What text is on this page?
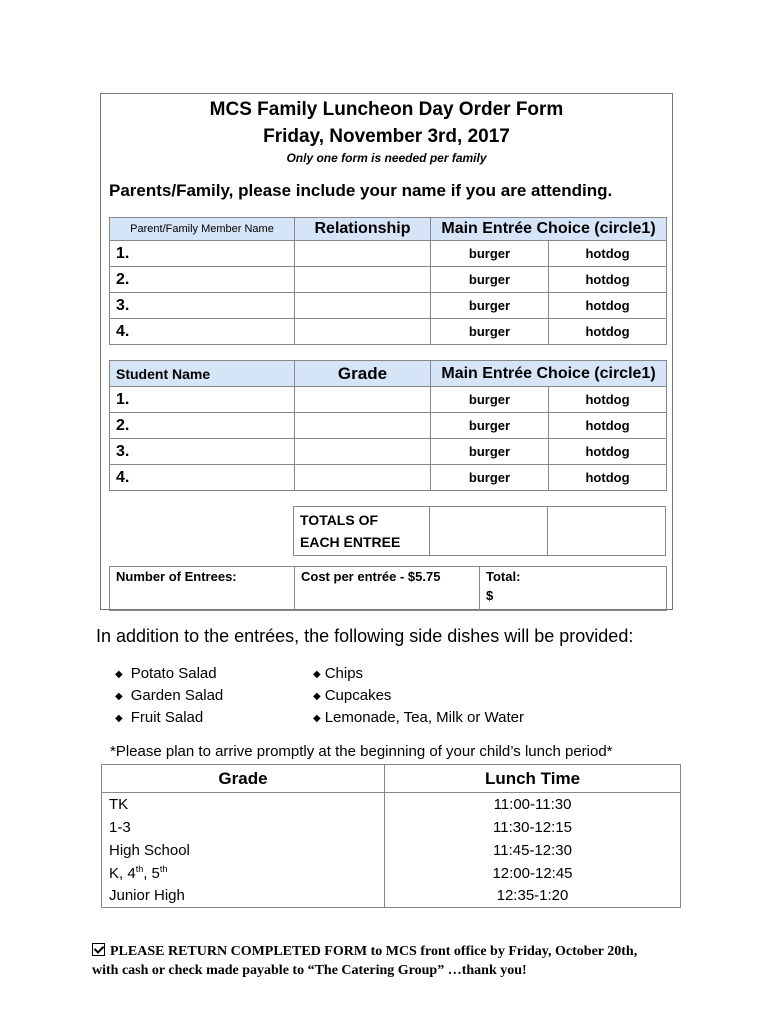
MCS Family Luncheon Day Order Form
Friday, November 3rd, 2017
Only one form is needed per family
Parents/Family, please include your name if you are attending.
Parent/Family Member Name	Relationship	Main Entrée Choice (circle1)	
1.		burger	hotdog
2.		burger	hotdog
3.		burger	hotdog
4.		burger	hotdog
Student Name	Grade	Main Entrée Choice (circle1)	
1.		burger	hotdog
2.		burger	hotdog
3.		burger	hotdog
4.		burger	hotdog
TOTALS OF
EACH ENTREE

Number of Entrees:	Cost per entrée - $5.75	Total:
$
In addition to the entrées, the following side dishes will be provided:
◆ Potato Salad
◆ Garden Salad
◆ Fruit Salad
◆ Chips
◆ Cupcakes
◆ Lemonade, Tea, Milk or Water
*Please plan to arrive promptly at the beginning of your child’s lunch period*
Grade	Lunch Time
TK	11:00-11:30
1-3	11:30-12:15
High School	11:45-12:30
K, 4th, 5th	12:00-12:45
Junior High	12:35-1:20
PLEASE RETURN COMPLETED FORM to MCS front office by Friday, October 20th,
with cash or check made payable to “The Catering Group” …thank you!
